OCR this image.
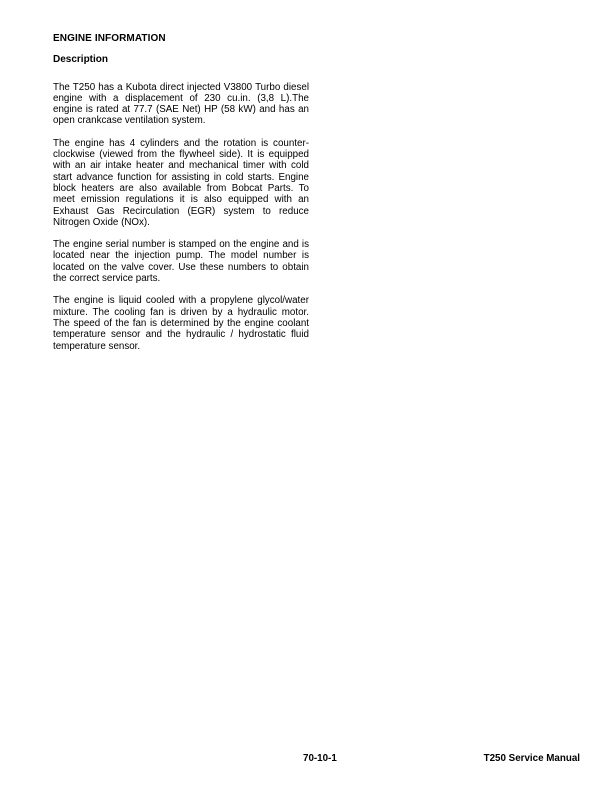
ENGINE INFORMATION
Description

The T250 has a Kubota direct injected V3800 Turbo diesel engine with a displacement of 230 cu.in. (3,8 L).The engine is rated at 77.7 (SAE Net) HP (58 kW) and has an open crankcase ventilation system.

The engine has 4 cylinders and the rotation is counter-clockwise (viewed from the flywheel side). It is equipped with an air intake heater and mechanical timer with cold start advance function for assisting in cold starts. Engine block heaters are also available from Bobcat Parts. To meet emission regulations it is also equipped with an Exhaust Gas Recirculation (EGR) system to reduce Nitrogen Oxide (NOx).

The engine serial number is stamped on the engine and is located near the injection pump. The model number is located on the valve cover. Use these numbers to obtain the correct service parts.

The engine is liquid cooled with a propylene glycol/water mixture. The cooling fan is driven by a hydraulic motor. The speed of the fan is determined by the engine coolant temperature sensor and the hydraulic / hydrostatic fluid temperature sensor.

70-10-1	T250 Service Manual
